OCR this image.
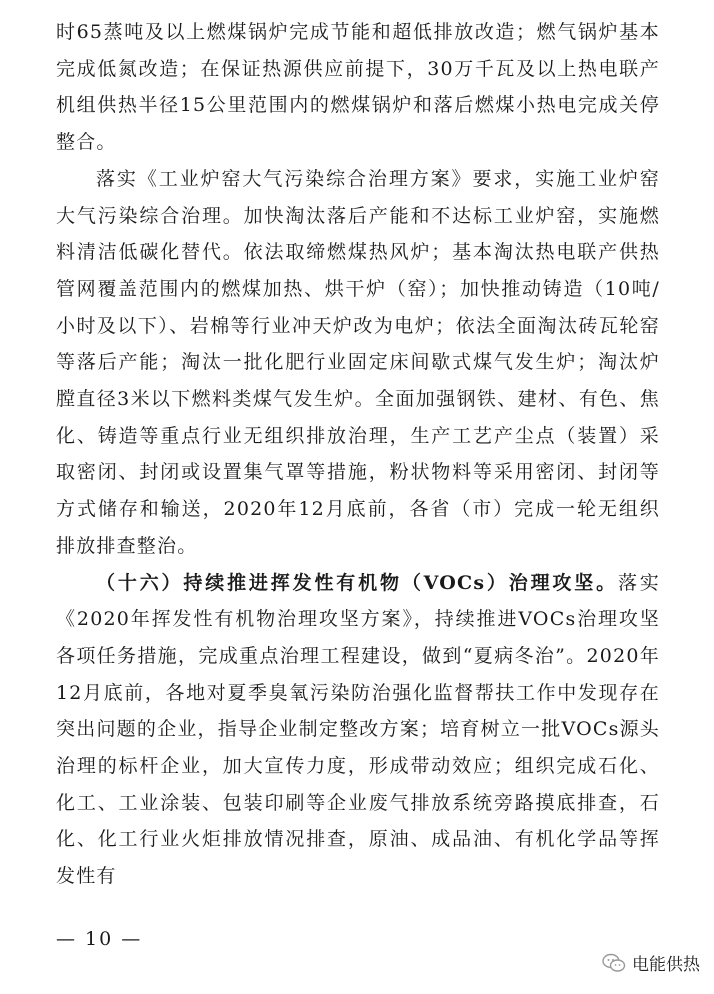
时65蒸吨及以上燃煤锅炉完成节能和超低排放改造；燃气锅炉基本完成低氮改造；在保证热源供应前提下，30万千瓦及以上热电联产机组供热半径15公里范围内的燃煤锅炉和落后燃煤小热电完成关停整合。

落实《工业炉窑大气污染综合治理方案》要求，实施工业炉窑大气污染综合治理。加快淘汰落后产能和不达标工业炉窑，实施燃料清洁低碳化替代。依法取缔燃煤热风炉；基本淘汰热电联产供热管网覆盖范围内的燃煤加热、烘干炉（窑）；加快推动铸造（10吨/小时及以下）、岩棉等行业冲天炉改为电炉；依法全面淘汰砖瓦轮窑等落后产能；淘汰一批化肥行业固定床间歇式煤气发生炉；淘汰炉膛直径3米以下燃料类煤气发生炉。全面加强钢铁、建材、有色、焦化、铸造等重点行业无组织排放治理，生产工艺产尘点（装置）采取密闭、封闭或设置集气罩等措施，粉状物料等采用密闭、封闭等方式储存和输送，2020年12月底前，各省（市）完成一轮无组织排放排查整治。

（十六）持续推进挥发性有机物（VOCs）治理攻坚。落实《2020年挥发性有机物治理攻坚方案》，持续推进VOCs治理攻坚各项任务措施，完成重点治理工程建设，做到“夏病冬治”。2020年12月底前，各地对夏季臭氧污染防治强化监督帮扶工作中发现存在突出问题的企业，指导企业制定整改方案；培育树立一批VOCs源头治理的标杆企业，加大宣传力度，形成带动效应；组织完成石化、化工、工业涂装、包装印刷等企业废气排放系统旁路摸底排查，石化、化工行业火炬排放情况排查，原油、成品油、有机化学品等挥发性有

— 10 —
电能供热
